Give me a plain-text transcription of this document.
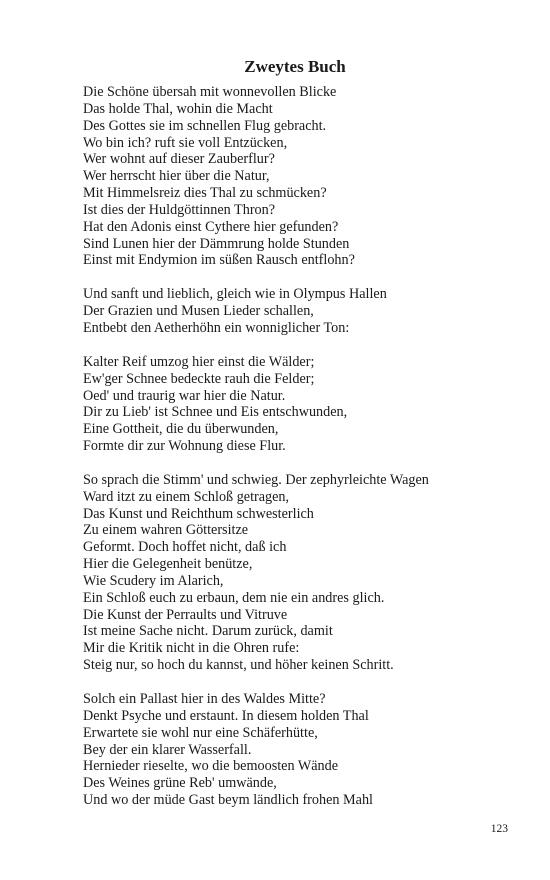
Zweytes Buch
Die Schöne übersah mit wonnevollen Blicke
Das holde Thal, wohin die Macht
Des Gottes sie im schnellen Flug gebracht.
Wo bin ich? ruft sie voll Entzücken,
Wer wohnt auf dieser Zauberflur?
Wer herrscht hier über die Natur,
Mit Himmelsreiz dies Thal zu schmücken?
Ist dies der Huldgöttinnen Thron?
Hat den Adonis einst Cythere hier gefunden?
Sind Lunen hier der Dämmrung holde Stunden
Einst mit Endymion im süßen Rausch entflohn?
Und sanft und lieblich, gleich wie in Olympus Hallen
Der Grazien und Musen Lieder schallen,
Entbebt den Aetherhöhn ein wonniglicher Ton:
Kalter Reif umzog hier einst die Wälder;
Ew'ger Schnee bedeckte rauh die Felder;
Oed' und traurig war hier die Natur.
Dir zu Lieb' ist Schnee und Eis entschwunden,
Eine Gottheit, die du überwunden,
Formte dir zur Wohnung diese Flur.
So sprach die Stimm' und schwieg. Der zephyrleichte Wagen
Ward itzt zu einem Schloß getragen,
Das Kunst und Reichthum schwesterlich
Zu einem wahren Göttersitze
Geformt. Doch hoffet nicht, daß ich
Hier die Gelegenheit benütze,
Wie Scudery im Alarich,
Ein Schloß euch zu erbaun, dem nie ein andres glich.
Die Kunst der Perraults und Vitruve
Ist meine Sache nicht. Darum zurück, damit
Mir die Kritik nicht in die Ohren rufe:
Steig nur, so hoch du kannst, und höher keinen Schritt.
Solch ein Pallast hier in des Waldes Mitte?
Denkt Psyche und erstaunt. In diesem holden Thal
Erwartete sie wohl nur eine Schäferhütte,
Bey der ein klarer Wasserfall.
Hernieder rieselte, wo die bemoosten Wände
Des Weines grüne Reb' umwände,
Und wo der müde Gast beym ländlich frohen Mahl
123
